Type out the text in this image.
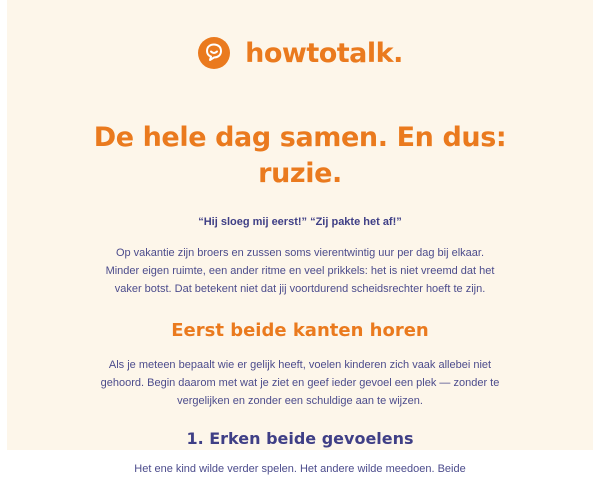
howtotalk.
De hele dag samen. En dus: ruzie.

“Hij sloeg mij eerst!” “Zij pakte het af!”

Op vakantie zijn broers en zussen soms vierentwintig uur per dag bij elkaar. Minder eigen ruimte, een ander ritme en veel prikkels: het is niet vreemd dat het vaker botst. Dat betekent niet dat jij voortdurend scheidsrechter hoeft te zijn.

Eerst beide kanten horen

Als je meteen bepaalt wie er gelijk heeft, voelen kinderen zich vaak allebei niet gehoord. Begin daarom met wat je ziet en geef ieder gevoel een plek — zonder te vergelijken en zonder een schuldige aan te wijzen.

1. Erken beide gevoelens

Het ene kind wilde verder spelen. Het andere wilde meedoen. Beide
